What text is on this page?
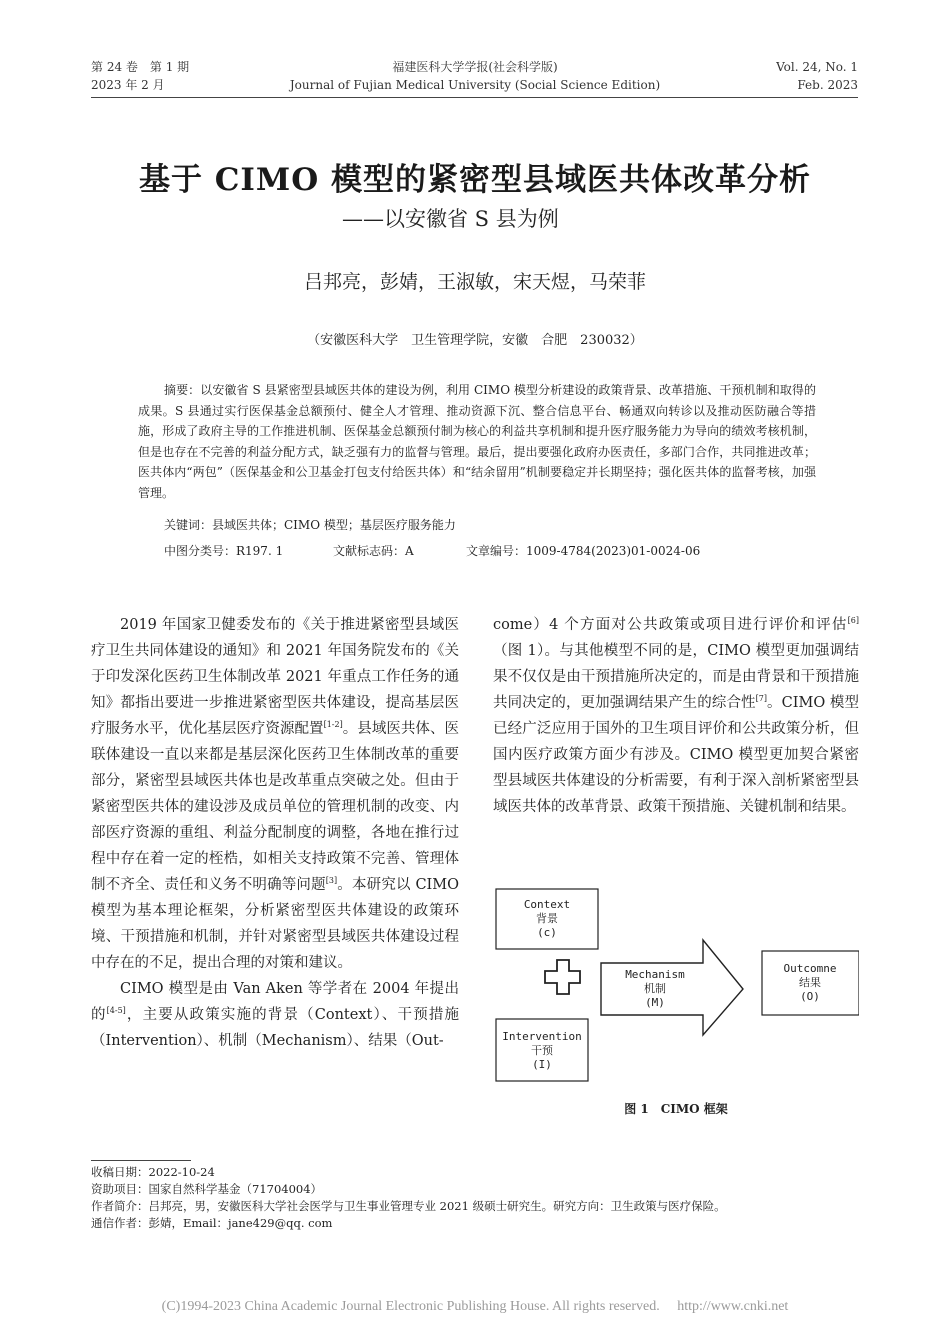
第 24 卷　第 1 期
2023 年 2 月
福建医科大学学报(社会科学版)
Journal of Fujian Medical University (Social Science Edition)
Vol. 24, No. 1
Feb. 2023
基于 CIMO 模型的紧密型县域医共体改革分析
——以安徽省 S 县为例
吕邦亮，彭婧，王淑敏，宋天煜，马荣菲
（安徽医科大学　卫生管理学院，安徽　合肥　230032）

摘要：以安徽省 S 县紧密型县域医共体的建设为例，利用 CIMO 模型分析建设的政策背景、改革措施、干预机制和取得的成果。S 县通过实行医保基金总额预付、健全人才管理、推动资源下沉、整合信息平台、畅通双向转诊以及推动医防融合等措施，形成了政府主导的工作推进机制、医保基金总额预付制为核心的利益共享机制和提升医疗服务能力为导向的绩效考核机制，但是也存在不完善的利益分配方式，缺乏强有力的监督与管理。最后，提出要强化政府办医责任，多部门合作，共同推进改革；医共体内“两包”（医保基金和公卫基金打包支付给医共体）和“结余留用”机制要稳定并长期坚持；强化医共体的监督考核，加强管理。

关键词：县域医共体；CIMO 模型；基层医疗服务能力
中图分类号：R197. 1	文献标志码：A	文章编号：1009-4784(2023)01-0024-06

2019 年国家卫健委发布的《关于推进紧密型县域医疗卫生共同体建设的通知》和 2021 年国务院发布的《关于印发深化医药卫生体制改革 2021 年重点工作任务的通知》都指出要进一步推进紧密型医共体建设，提高基层医疗服务水平，优化基层医疗资源配置[1-2]。县域医共体、医联体建设一直以来都是基层深化医药卫生体制改革的重要部分，紧密型县域医共体也是改革重点突破之处。但由于紧密型医共体的建设涉及成员单位的管理机制的改变、内部医疗资源的重组、利益分配制度的调整，各地在推行过程中存在着一定的桎梏，如相关支持政策不完善、管理体制不齐全、责任和义务不明确等问题[3]。本研究以 CIMO 模型为基本理论框架，分析紧密型医共体建设的政策环境、干预措施和机制，并针对紧密型县域医共体建设过程中存在的不足，提出合理的对策和建议。

CIMO 模型是由 Van Aken 等学者在 2004 年提出的[4-5]，主要从政策实施的背景（Context）、干预措施（Intervention）、机制（Mechanism）、结果（Out-

come）4 个方面对公共政策或项目进行评价和评估[6]（图 1）。与其他模型不同的是，CIMO 模型更加强调结果不仅仅是由干预措施所决定的，而是由背景和干预措施共同决定的，更加强调结果产生的综合性[7]。CIMO 模型已经广泛应用于国外的卫生项目评价和公共政策分析，但国内医疗政策方面少有涉及。CIMO 模型更加契合紧密型县域医共体建设的分析需要，有利于深入剖析紧密型县域医共体的改革背景、政策干预措施、关键机制和结果。

Context
背景
(c)
Intervention
干预
(I)
Mechanism
机制
(M)
Outcomne
结果
(O)
图 1　CIMO 框架
收稿日期：2022-10-24
资助项目：国家自然科学基金（71704004）
作者简介：吕邦亮，男，安徽医科大学社会医学与卫生事业管理专业 2021 级硕士研究生。研究方向：卫生政策与医疗保险。
通信作者：彭婧，Email：jane429@qq. com
(C)1994-2023 China Academic Journal Electronic Publishing House. All rights reserved.　 http://www.cnki.net
